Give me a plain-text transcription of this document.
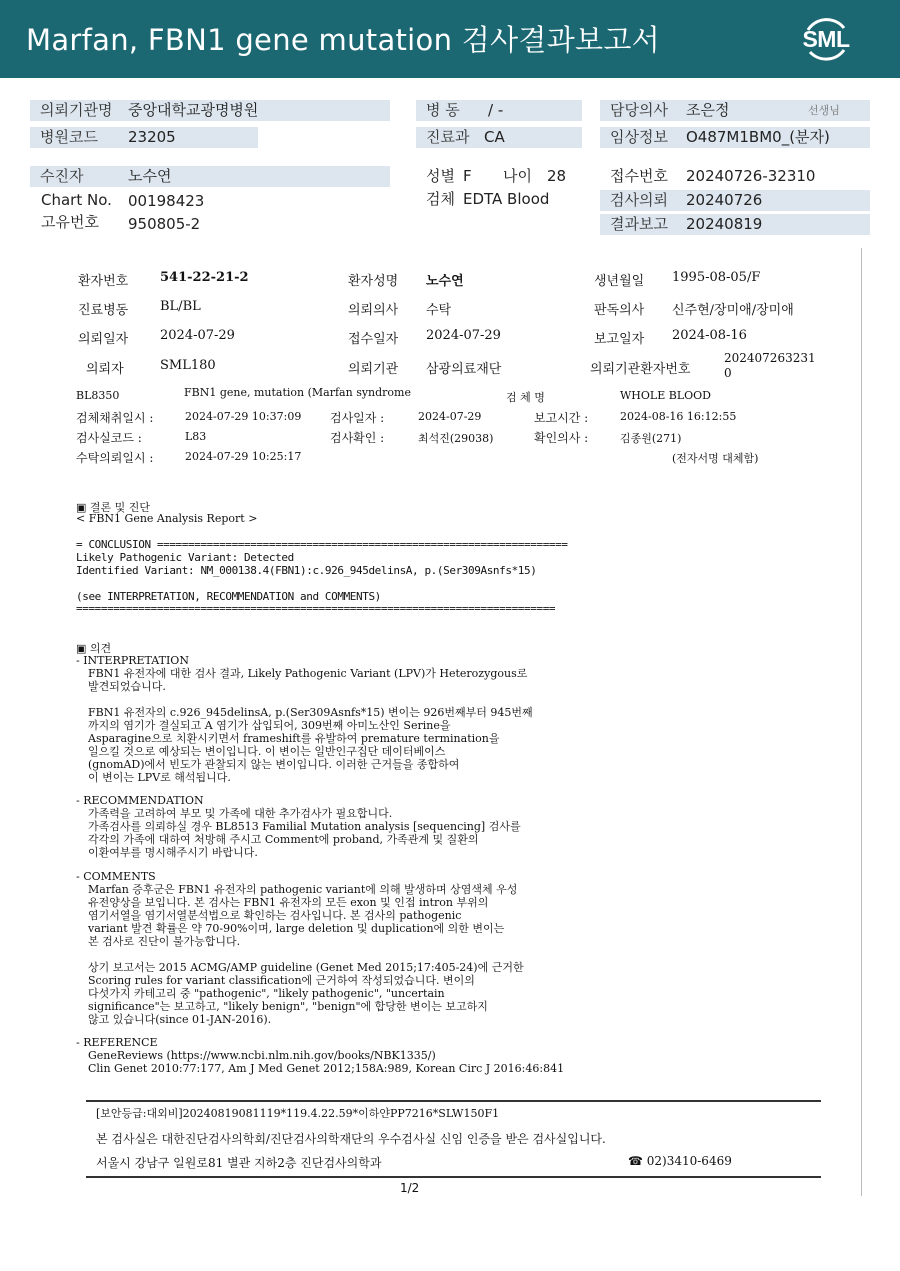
Marfan, FBN1 gene mutation 검사결과보고서	SML
의뢰기관명 중앙대학교광명병원
병원코드 23205
수진자	노수연
Chart No. 00198423
고유번호 950805-2
병 동 / -
진료과 CA
성별 F 나이 28
검체 EDTA Blood
담당의사 조은정	선생님
임상정보 O487M1BM0_(분자)
접수번호 20240726-32310
검사의뢰 20240726
결과보고 20240819
환자번호 541-22-21-2	환자성명 노수연	생년월일 1995-08-05/F
진료병동 BL/BL	의뢰의사 수탁	판독의사 신주현/장미애/장미애
의뢰일자 2024-07-29	접수일자 2024-07-29	보고일자 2024-08-16
의뢰자	SML180	의뢰기관 삼광의료재단	의뢰기관환자번호
202407263231
0
BL8350	FBN1 gene, mutation (Marfan syndrome	검 체 명	WHOLE BLOOD
검체채취일시 :	2024-07-29 10:37:09 검사일자 :	2024-07-29	보고시간 :	2024-08-16 16:12:55
검사실코드 :	L83	검사확인 :	최석진(29038)	확인의사 :	김종원(271)
수탁의뢰일시 :	2024-07-29 10:25:17	(전자서명 대체함)
▣ 결론 및 진단
< FBN1 Gene Analysis Report >
= CONCLUSION ==================================================================
Likely Pathogenic Variant: Detected
Identified Variant: NM_000138.4(FBN1):c.926_945delinsA, p.(Ser309Asnfs*15)
(see INTERPRETATION, RECOMMENDATION and COMMENTS)
=============================================================================
▣ 의견
- INTERPRETATION
FBN1 유전자에 대한 검사 결과, Likely Pathogenic Variant (LPV)가 Heterozygous로
발견되었습니다.
FBN1 유전자의 c.926_945delinsA, p.(Ser309Asnfs*15) 변이는 926번째부터 945번째
까지의 염기가 결실되고 A 염기가 삽입되어, 309번째 아미노산인 Serine을
Asparagine으로 치환시키면서 frameshift를 유발하여 premature termination을
일으킬 것으로 예상되는 변이입니다. 이 변이는 일반인구집단 데이터베이스
(gnomAD)에서 빈도가 관찰되지 않는 변이입니다. 이러한 근거들을 종합하여
이 변이는 LPV로 해석됩니다.
- RECOMMENDATION
가족력을 고려하여 부모 및 가족에 대한 추가검사가 필요합니다.
가족검사를 의뢰하실 경우 BL8513 Familial Mutation analysis [sequencing] 검사를
각각의 가족에 대하여 처방해 주시고 Comment에 proband, 가족관계 및 질환의
이환여부를 명시해주시기 바랍니다.
- COMMENTS
Marfan 증후군은 FBN1 유전자의 pathogenic variant에 의해 발생하며 상염색체 우성
유전양상을 보입니다. 본 검사는 FBN1 유전자의 모든 exon 및 인접 intron 부위의
염기서열을 염기서열분석법으로 확인하는 검사입니다. 본 검사의 pathogenic
variant 발견 확률은 약 70-90%이며, large deletion 및 duplication에 의한 변이는
본 검사로 진단이 불가능합니다.
상기 보고서는 2015 ACMG/AMP guideline (Genet Med 2015;17:405-24)에 근거한
Scoring rules for variant classification에 근거하여 작성되었습니다. 변이의
다섯가지 카테고리 중 "pathogenic", "likely pathogenic", "uncertain
significance"는 보고하고, "likely benign", "benign"에 합당한 변이는 보고하지
않고 있습니다(since 01-JAN-2016).
- REFERENCE
GeneReviews (https://www.ncbi.nlm.nih.gov/books/NBK1335/)
Clin Genet 2010:77:177, Am J Med Genet 2012;158A:989, Korean Circ J 2016:46:841
[보안등급:대외비]20240819081119*119.4.22.59*이하얀PP7216*SLW150F1
본 검사실은 대한진단검사의학회/진단검사의학재단의 우수검사실 신임 인증을 받은 검사실입니다.
서울시 강남구 일원로81 별관 지하2층 진단검사의학과	☎ 02)3410-6469
1/2
